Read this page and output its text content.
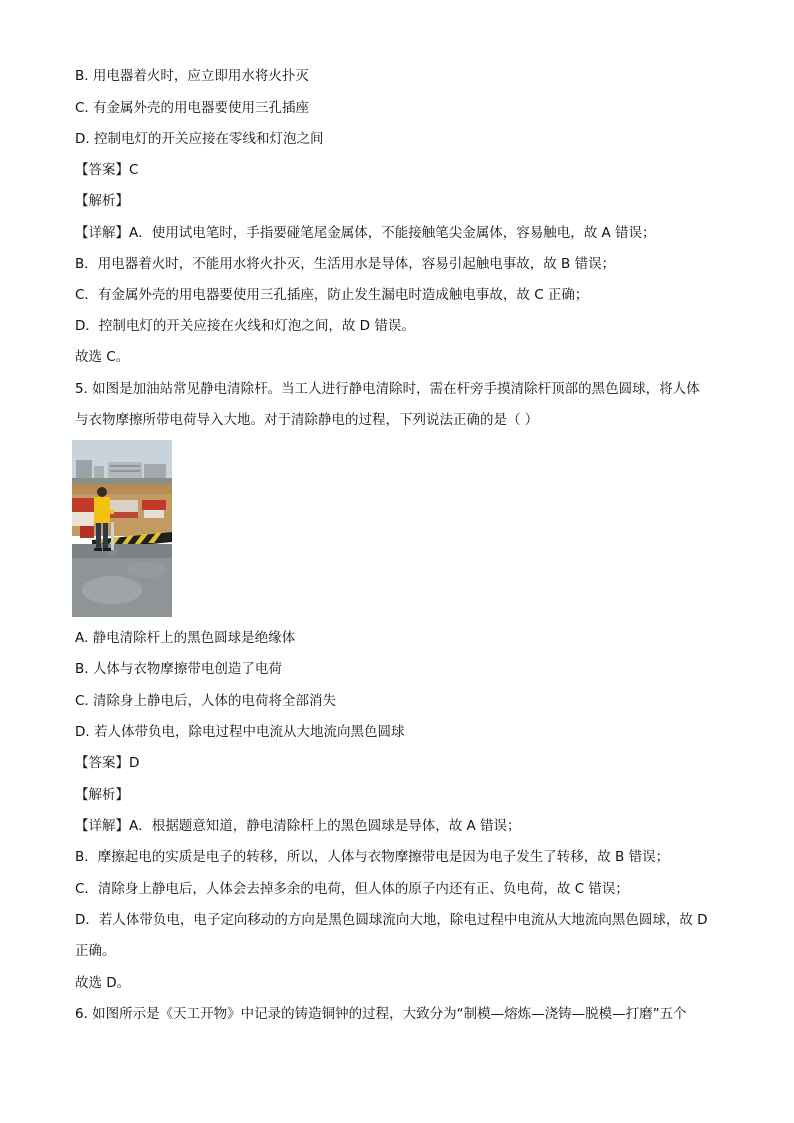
B. 用电器着火时，应立即用水将火扑灭
C. 有金属外壳的用电器要使用三孔插座
D. 控制电灯的开关应接在零线和灯泡之间
【答案】C
【解析】
【详解】A．使用试电笔时，手指要碰笔尾金属体，不能接触笔尖金属体，容易触电，故 A 错误；
B．用电器着火时，不能用水将火扑灭，生活用水是导体，容易引起触电事故，故 B 错误；
C．有金属外壳的用电器要使用三孔插座，防止发生漏电时造成触电事故，故 C 正确；
D．控制电灯的开关应接在火线和灯泡之间，故 D 错误。
故选 C。
5. 如图是加油站常见静电清除杆。当工人进行静电清除时，需在杆旁手摸清除杆顶部的黑色圆球，将人体
与衣物摩擦所带电荷导入大地。对于清除静电的过程，下列说法正确的是（ ）
A. 静电清除杆上的黑色圆球是绝缘体
B. 人体与衣物摩擦带电创造了电荷
C. 清除身上静电后，人体的电荷将全部消失
D. 若人体带负电，除电过程中电流从大地流向黑色圆球
【答案】D
【解析】
【详解】A．根据题意知道，静电清除杆上的黑色圆球是导体，故 A 错误；
B．摩擦起电的实质是电子的转移，所以，人体与衣物摩擦带电是因为电子发生了转移，故 B 错误；
C．清除身上静电后，人体会去掉多余的电荷，但人体的原子内还有正、负电荷，故 C 错误；
D．若人体带负电，电子定向移动的方向是黑色圆球流向大地，除电过程中电流从大地流向黑色圆球，故 D
正确。
故选 D。
6. 如图所示是《天工开物》中记录的铸造铜钟的过程，大致分为“制模—熔炼—浇铸—脱模—打磨”五个
